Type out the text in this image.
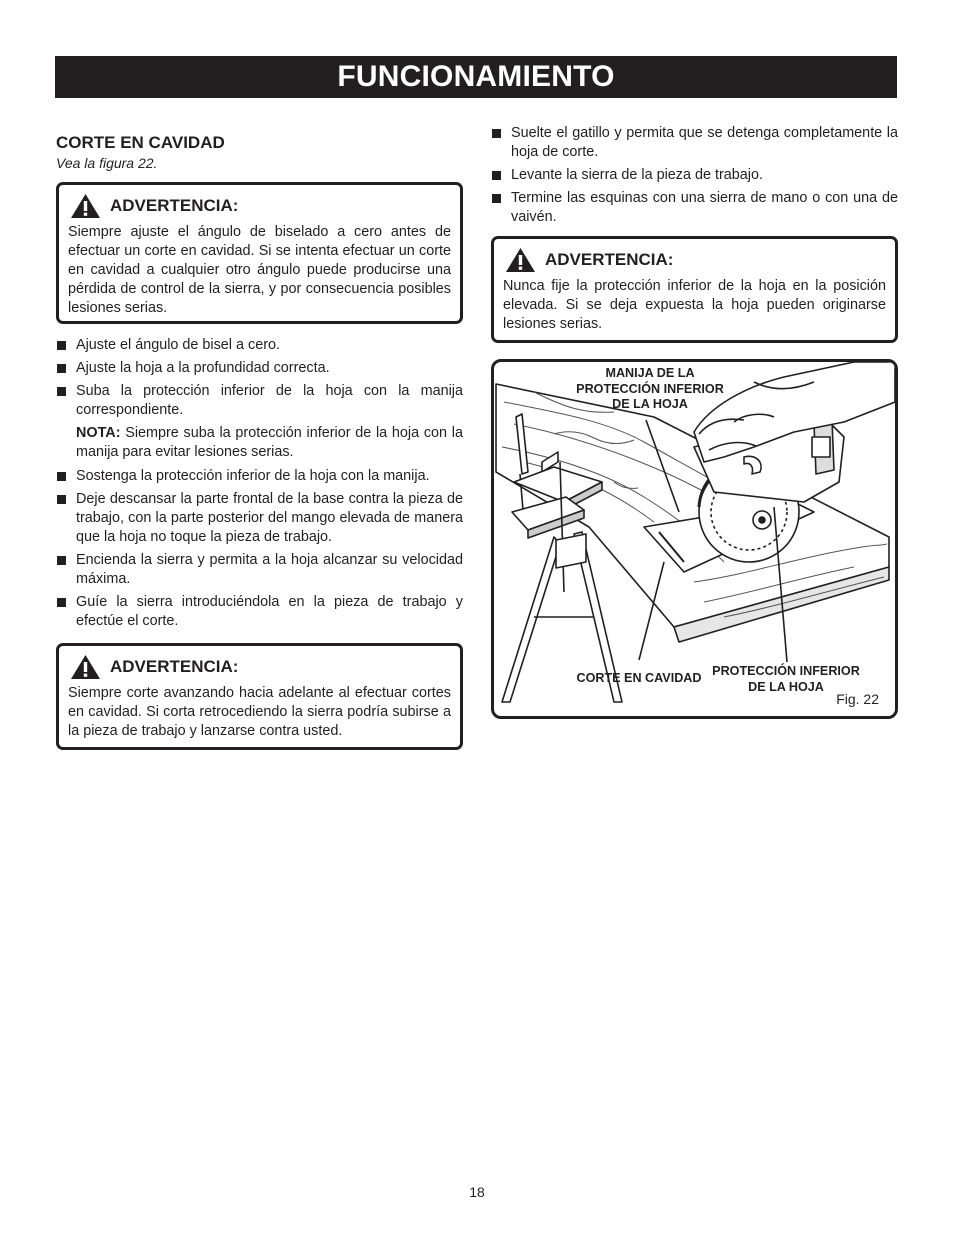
FUNCIONAMIENTO
CORTE EN CAVIDAD
Vea la figura 22.
ADVERTENCIA:
Siempre ajuste el ángulo de biselado a cero antes de efectuar un corte en cavidad. Si se intenta efectuar un corte en cavidad a cualquier otro ángulo puede producirse una pérdida de control de la sierra, y por consecuencia posibles lesiones serias.
Ajuste el ángulo de bisel a cero.
Ajuste la hoja a la profundidad correcta.
Suba la protección inferior de la hoja con la manija correspondiente.

NOTA: Siempre suba la protección inferior de la hoja con la manija para evitar lesiones serias.

Sostenga la protección inferior de la hoja con la manija.
Deje descansar la parte frontal de la base contra la pieza de trabajo, con la parte posterior del mango elevada de manera que la hoja no toque la pieza de trabajo.
Encienda la sierra y permita a la hoja alcanzar su velocidad máxima.
Guíe la sierra introduciéndola en la pieza de trabajo y efectúe el corte.
ADVERTENCIA:
Siempre corte avanzando hacia adelante al efectuar cortes en cavidad. Si corta retrocediendo la sierra podría subirse a la pieza de trabajo y lanzarse contra usted.
Suelte el gatillo y permita que se detenga completamente la hoja de corte.
Levante la sierra de la pieza de trabajo.
Termine las esquinas con una sierra de mano o con una de vaivén.
ADVERTENCIA:
Nunca fije la protección inferior de la hoja en la posición elevada. Si se deja expuesta la hoja pueden originarse lesiones serias.
MANIJA DE LA PROTECCIÓN INFERIOR DE LA HOJA
CORTE EN CAVIDAD PROTECCIÓN INFERIOR DE LA HOJA
Fig. 22
18
